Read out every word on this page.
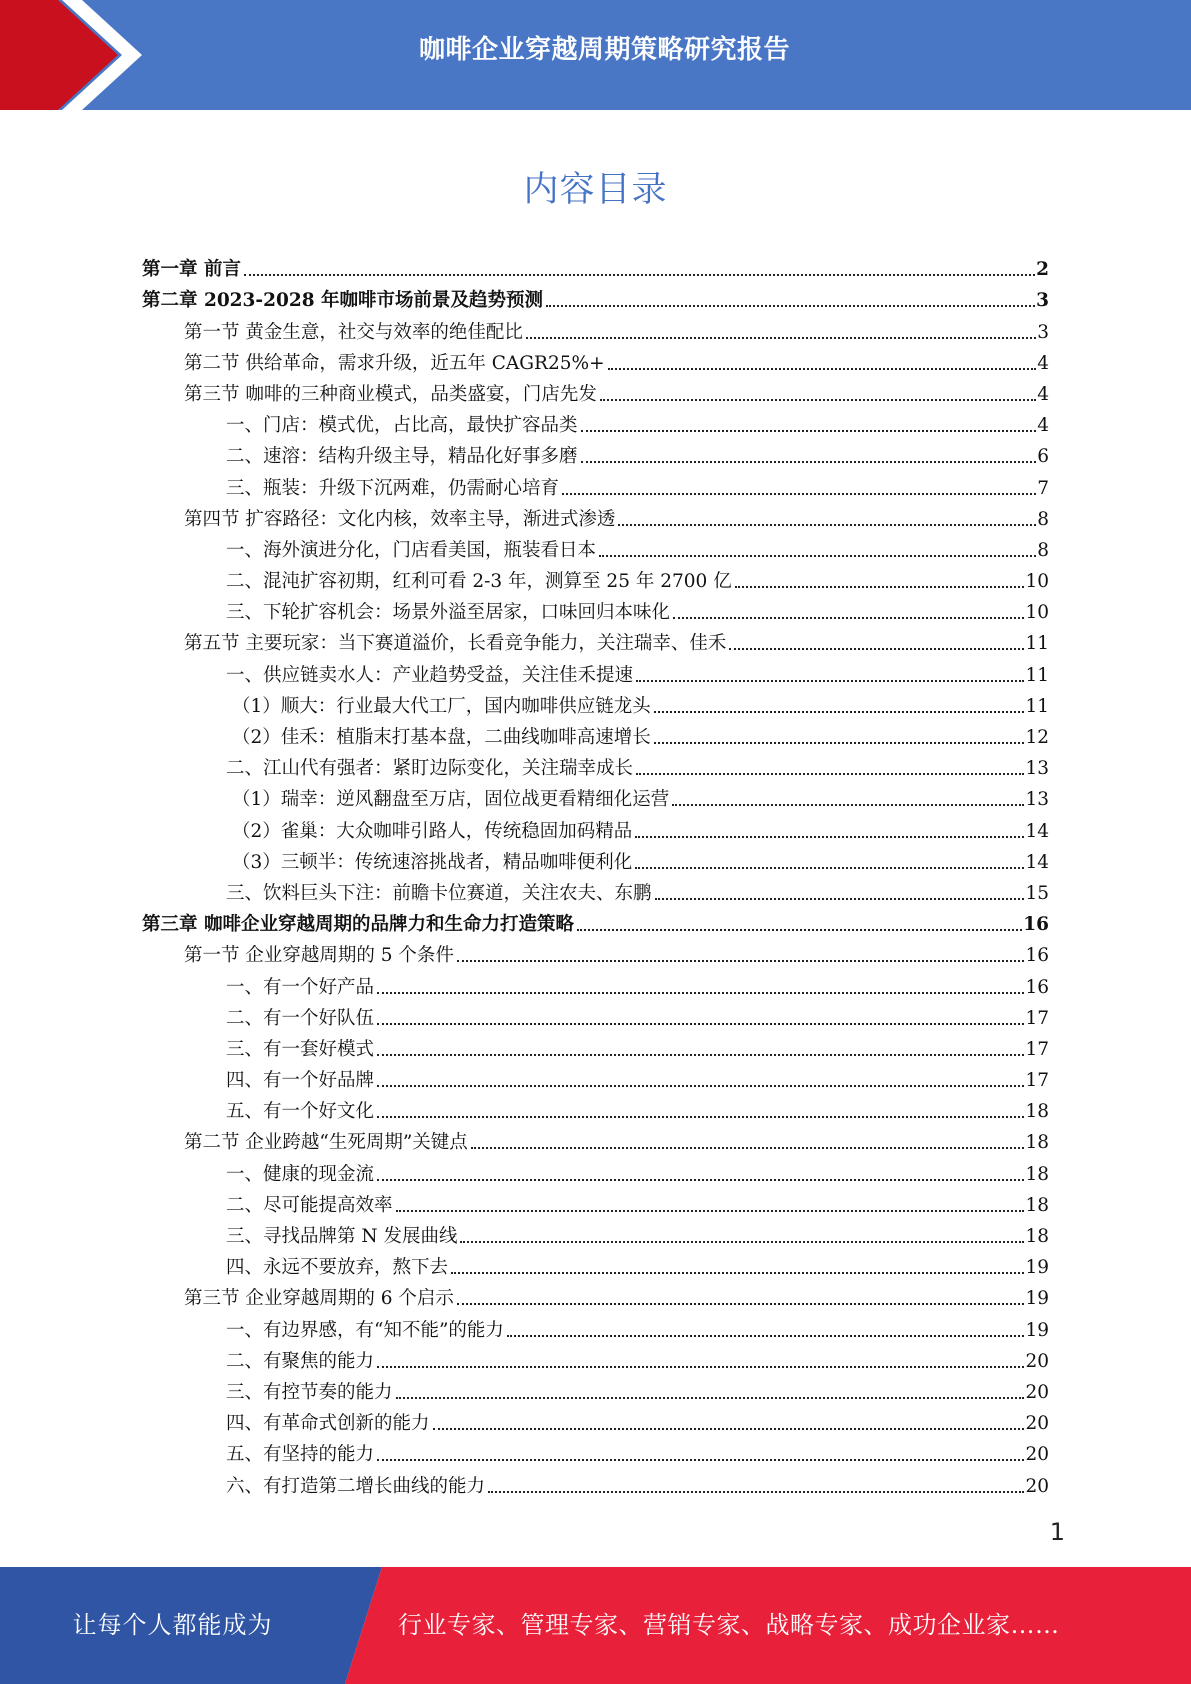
咖啡企业穿越周期策略研究报告
内容目录
第一章 前言	2
第二章 2023-2028 年咖啡市场前景及趋势预测	3
第一节 黄金生意，社交与效率的绝佳配比	3
第二节 供给革命，需求升级，近五年 CAGR25%+	4
第三节 咖啡的三种商业模式，品类盛宴，门店先发	4
一、门店：模式优，占比高，最快扩容品类	4
二、速溶：结构升级主导，精品化好事多磨	6
三、瓶装：升级下沉两难，仍需耐心培育	7
第四节 扩容路径：文化内核，效率主导，渐进式渗透	8
一、海外演进分化，门店看美国，瓶装看日本	8
二、混沌扩容初期，红利可看 2-3 年，测算至 25 年 2700 亿	10
三、下轮扩容机会：场景外溢至居家，口味回归本味化	10
第五节 主要玩家：当下赛道溢价，长看竞争能力，关注瑞幸、佳禾	11
一、供应链卖水人：产业趋势受益，关注佳禾提速	11
（1）顺大：行业最大代工厂，国内咖啡供应链龙头	11
（2）佳禾：植脂末打基本盘，二曲线咖啡高速增长	12
二、江山代有强者：紧盯边际变化，关注瑞幸成长	13
（1）瑞幸：逆风翻盘至万店，固位战更看精细化运营	13
（2）雀巢：大众咖啡引路人，传统稳固加码精品	14
（3）三顿半：传统速溶挑战者，精品咖啡便利化	14
三、饮料巨头下注：前瞻卡位赛道，关注农夫、东鹏	15
第三章 咖啡企业穿越周期的品牌力和生命力打造策略	16
第一节 企业穿越周期的 5 个条件	16
一、有一个好产品	16
二、有一个好队伍	17
三、有一套好模式	17
四、有一个好品牌	17
五、有一个好文化	18
第二节 企业跨越“生死周期”关键点	18
一、健康的现金流	18
二、尽可能提高效率	18
三、寻找品牌第 N 发展曲线	18
四、永远不要放弃，熬下去	19
第三节 企业穿越周期的 6 个启示	19
一、有边界感，有“知不能”的能力	19
二、有聚焦的能力	20
三、有控节奏的能力	20
四、有革命式创新的能力	20
五、有坚持的能力	20
六、有打造第二增长曲线的能力	20
1
让每个人都能成为	行业专家、管理专家、营销专家、战略专家、成功企业家……
